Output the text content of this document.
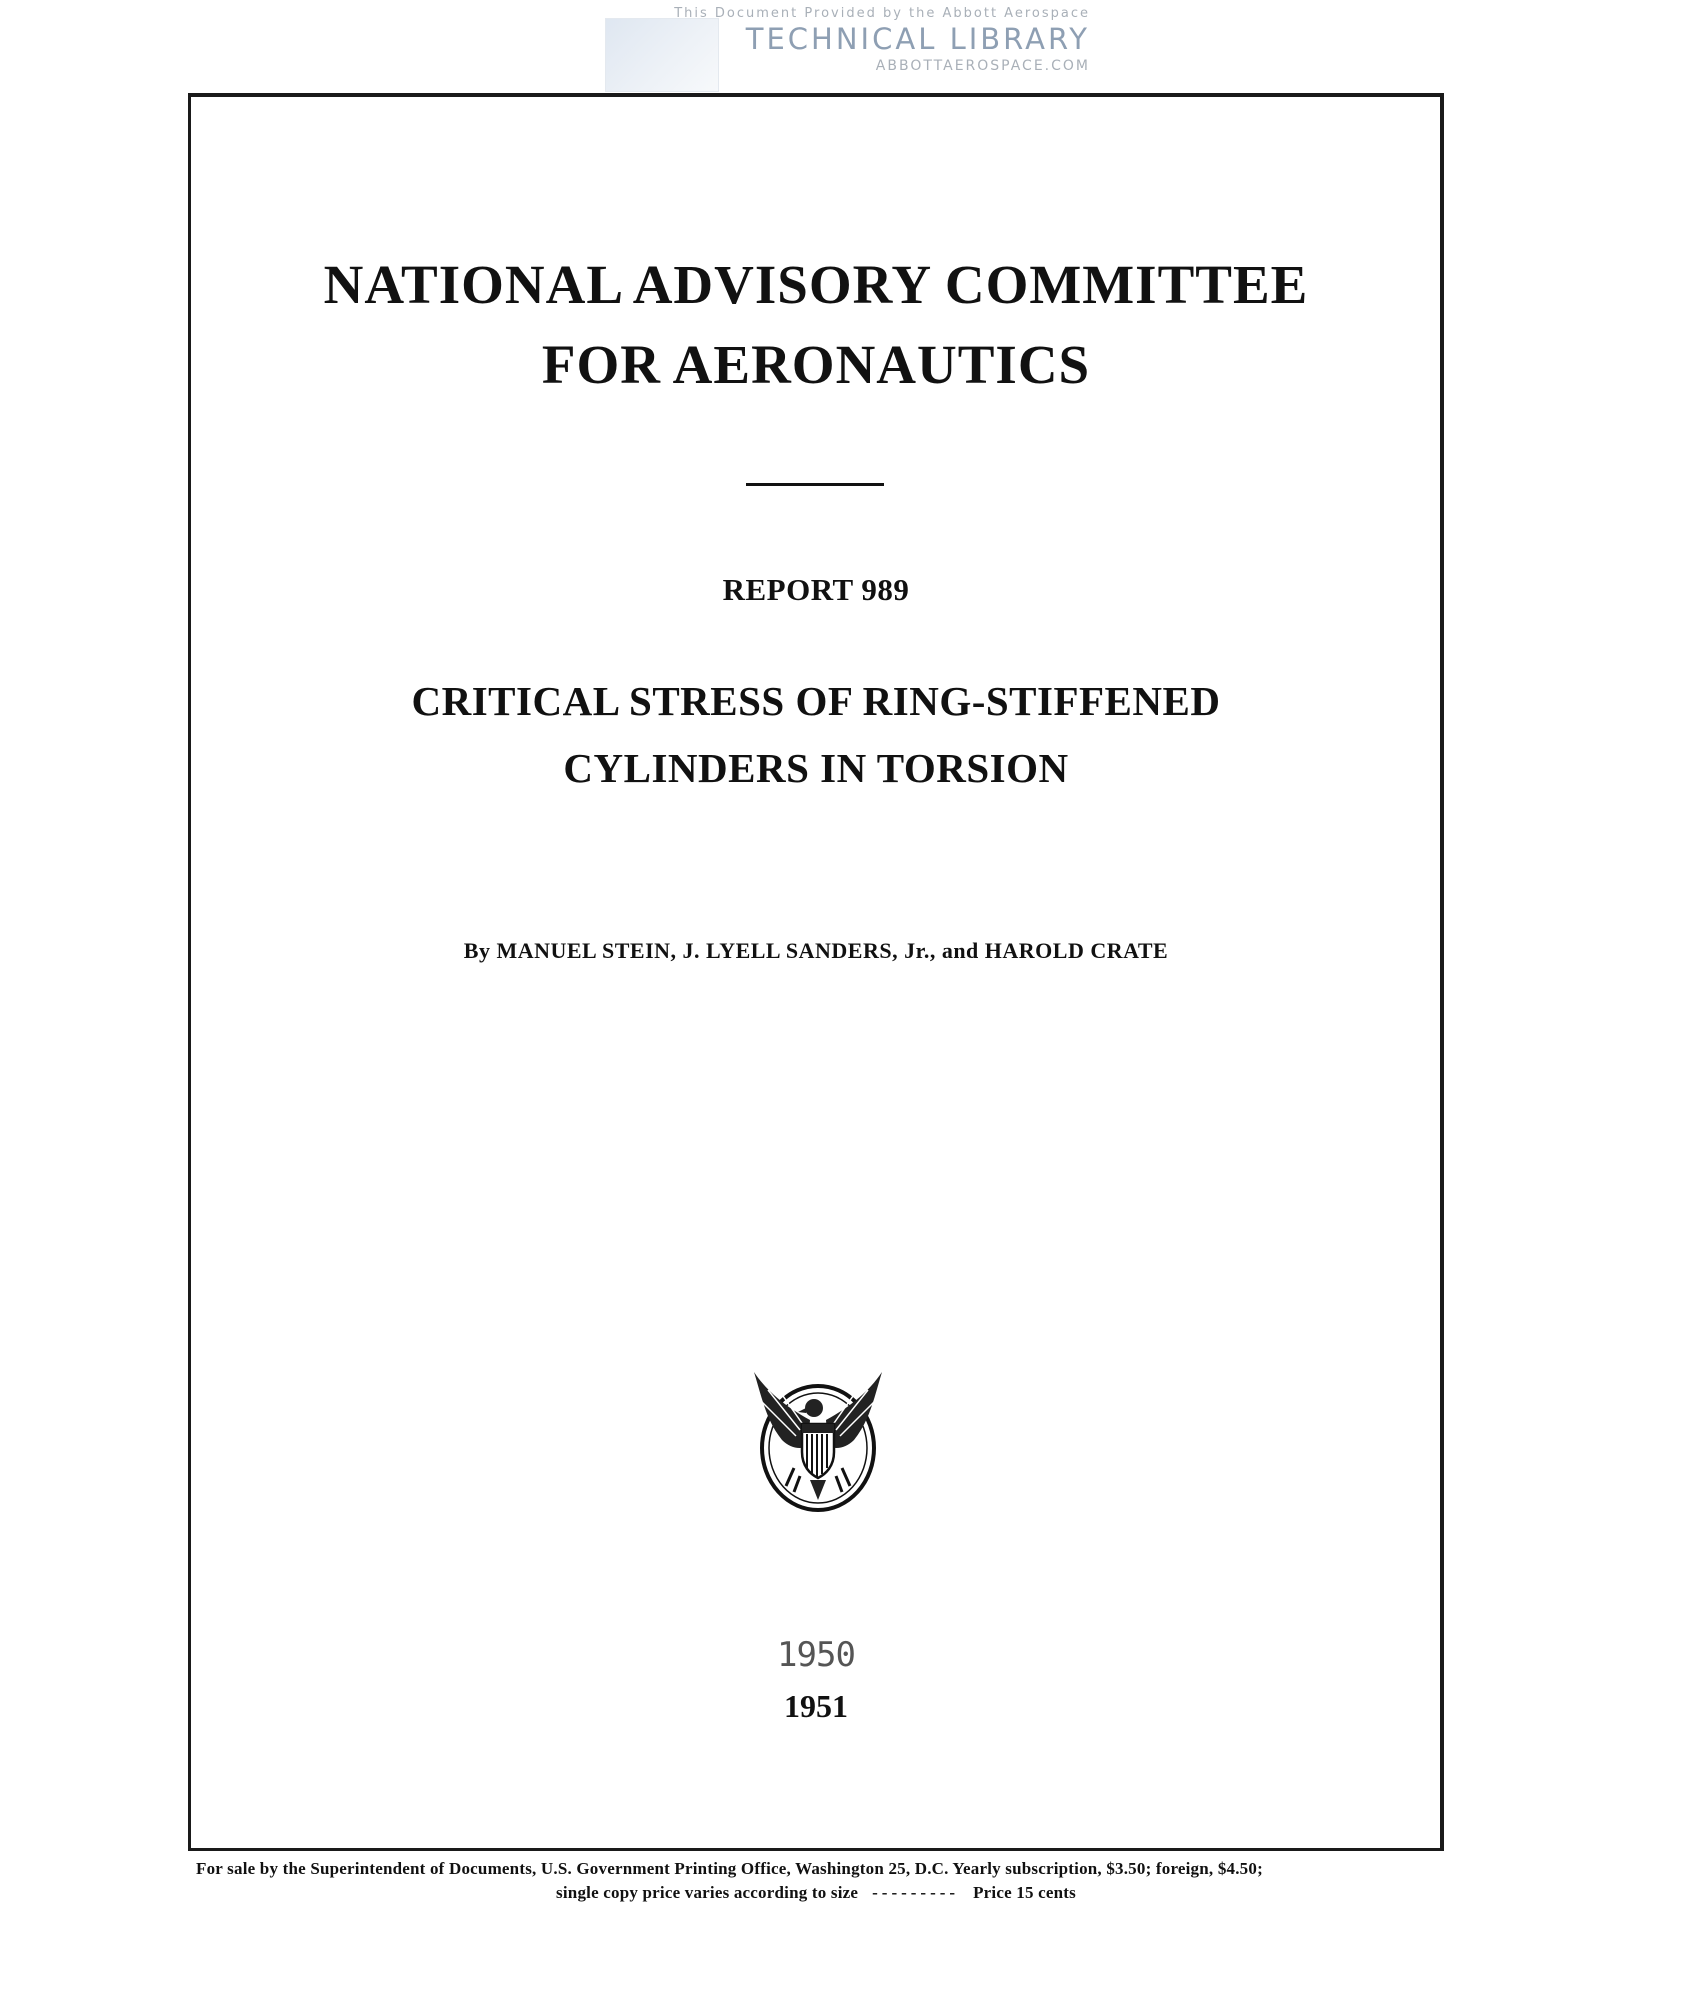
This Document Provided by the Abbott Aerospace
TECHNICAL LIBRARY
ABBOTTAEROSPACE.COM
NATIONAL ADVISORY COMMITTEE
FOR AERONAUTICS
REPORT 989
CRITICAL STRESS OF RING-STIFFENED
CYLINDERS IN TORSION
By MANUEL STEIN, J. LYELL SANDERS, Jr., and HAROLD CRATE
1950
1951
For sale by the Superintendent of Documents, U.S. Government Printing Office, Washington 25, D.C. Yearly subscription, $3.50; foreign, $4.50;
single copy price varies according to size --------- Price 15 cents
